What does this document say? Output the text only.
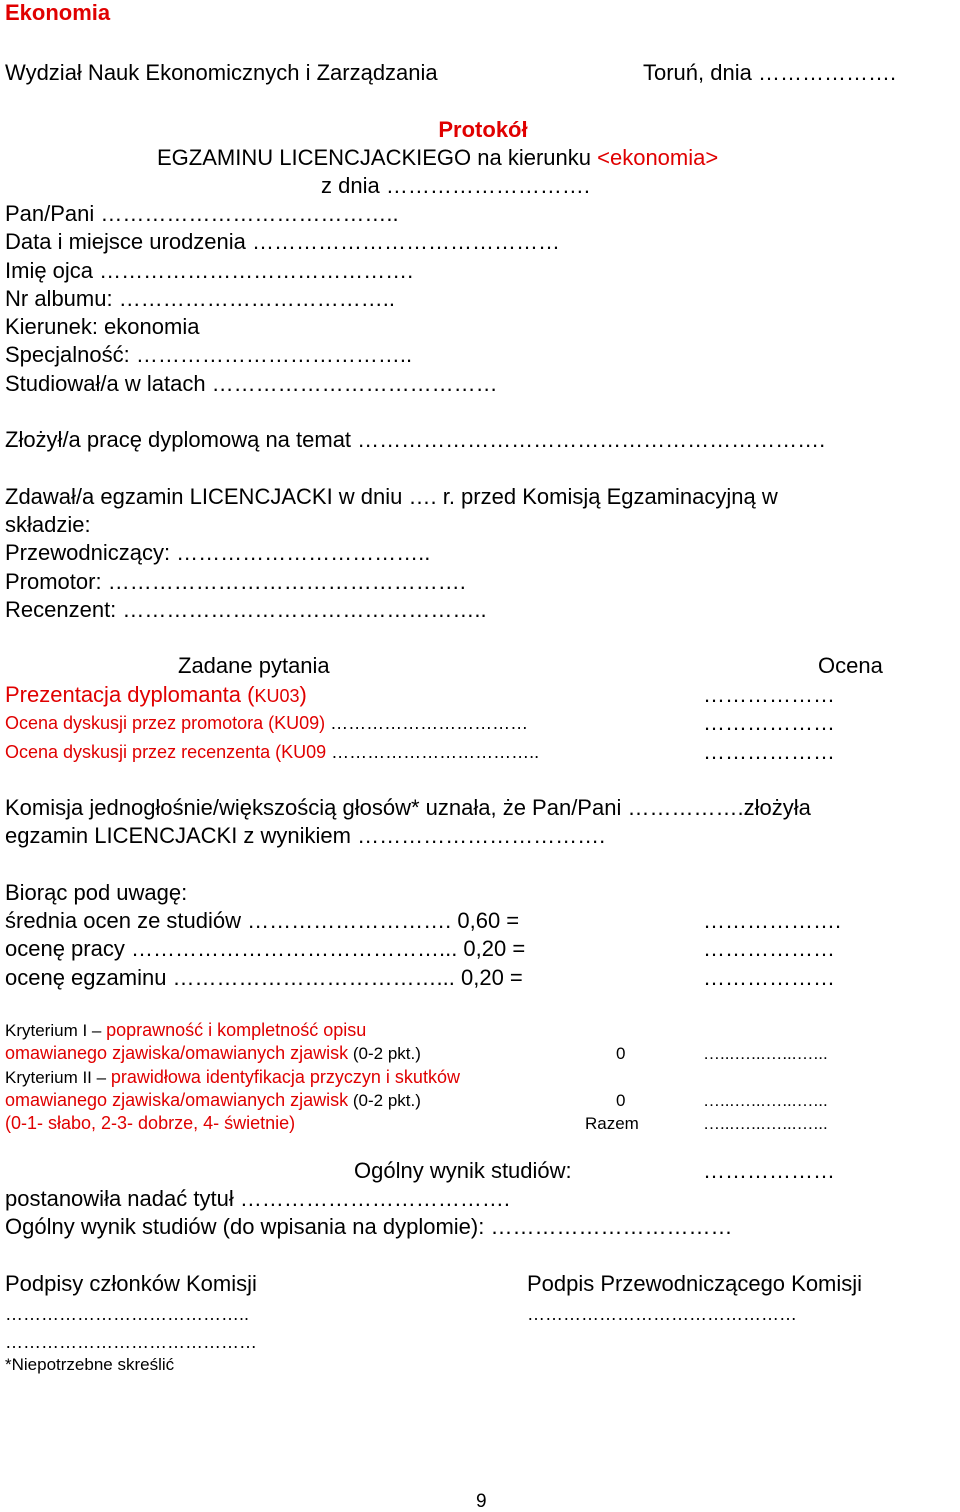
Ekonomia
Wydział Nauk Ekonomicznych i Zarządzania	Toruń, dnia ……………….
Protokół
EGZAMINU LICENCJACKIEGO na kierunku <ekonomia>
z dnia ……………………….
Pan/Pani …………………………………..
Data i miejsce urodzenia ……………………………………
Imię ojca …………………………………….
Nr albumu: ………………………………..
Kierunek: ekonomia
Specjalność: ………………………………..
Studiował/a w latach …………………………………
Złożył/a pracę dyplomową na temat ……………………………………………………….
Zdawał/a egzamin LICENCJACKI w dniu …. r. przed Komisją Egzaminacyjną w
składzie:
Przewodniczący: ……………………………..
Promotor: ………………………………………….
Recenzent: …………………………………………..
Zadane pytania	Ocena
Prezentacja dyplomanta (KU03)	………………
Ocena dyskusji przez promotora (KU09) ……………………………	………………
Ocena dyskusji przez recenzenta (KU09 ……………………………..	………………
Komisja jednogłośnie/większością głosów* uznała, że Pan/Pani …………….złożyła
egzamin LICENCJACKI z wynikiem …………………………….
Biorąc pod uwagę:
średnia ocen ze studiów ………………………. 0,60 =	……………….
ocenę pracy ……………………………………... 0,20 =	………………
ocenę egzaminu ………………………………... 0,20 =	………………
Kryterium I – poprawność i kompletność opisu
omawianego zjawiska/omawianych zjawisk (0-2 pkt.)	0	…...…...…...…...
Kryterium II – prawidłowa identyfikacja przyczyn i skutków
omawianego zjawiska/omawianych zjawisk (0-2 pkt.)	0	…...…...…...…...
(0-1- słabo, 2-3- dobrze, 4- świetnie)	Razem	…...…...…...…...
Ogólny wynik studiów:	………………
postanowiła nadać tytuł ……………………………….
Ogólny wynik studiów (do wpisania na dyplomie): ……………………………
Podpisy członków Komisji	Podpis Przewodniczącego Komisji
…………………………………..	………………………………………
……………………………………
*Niepotrzebne skreślić
9
